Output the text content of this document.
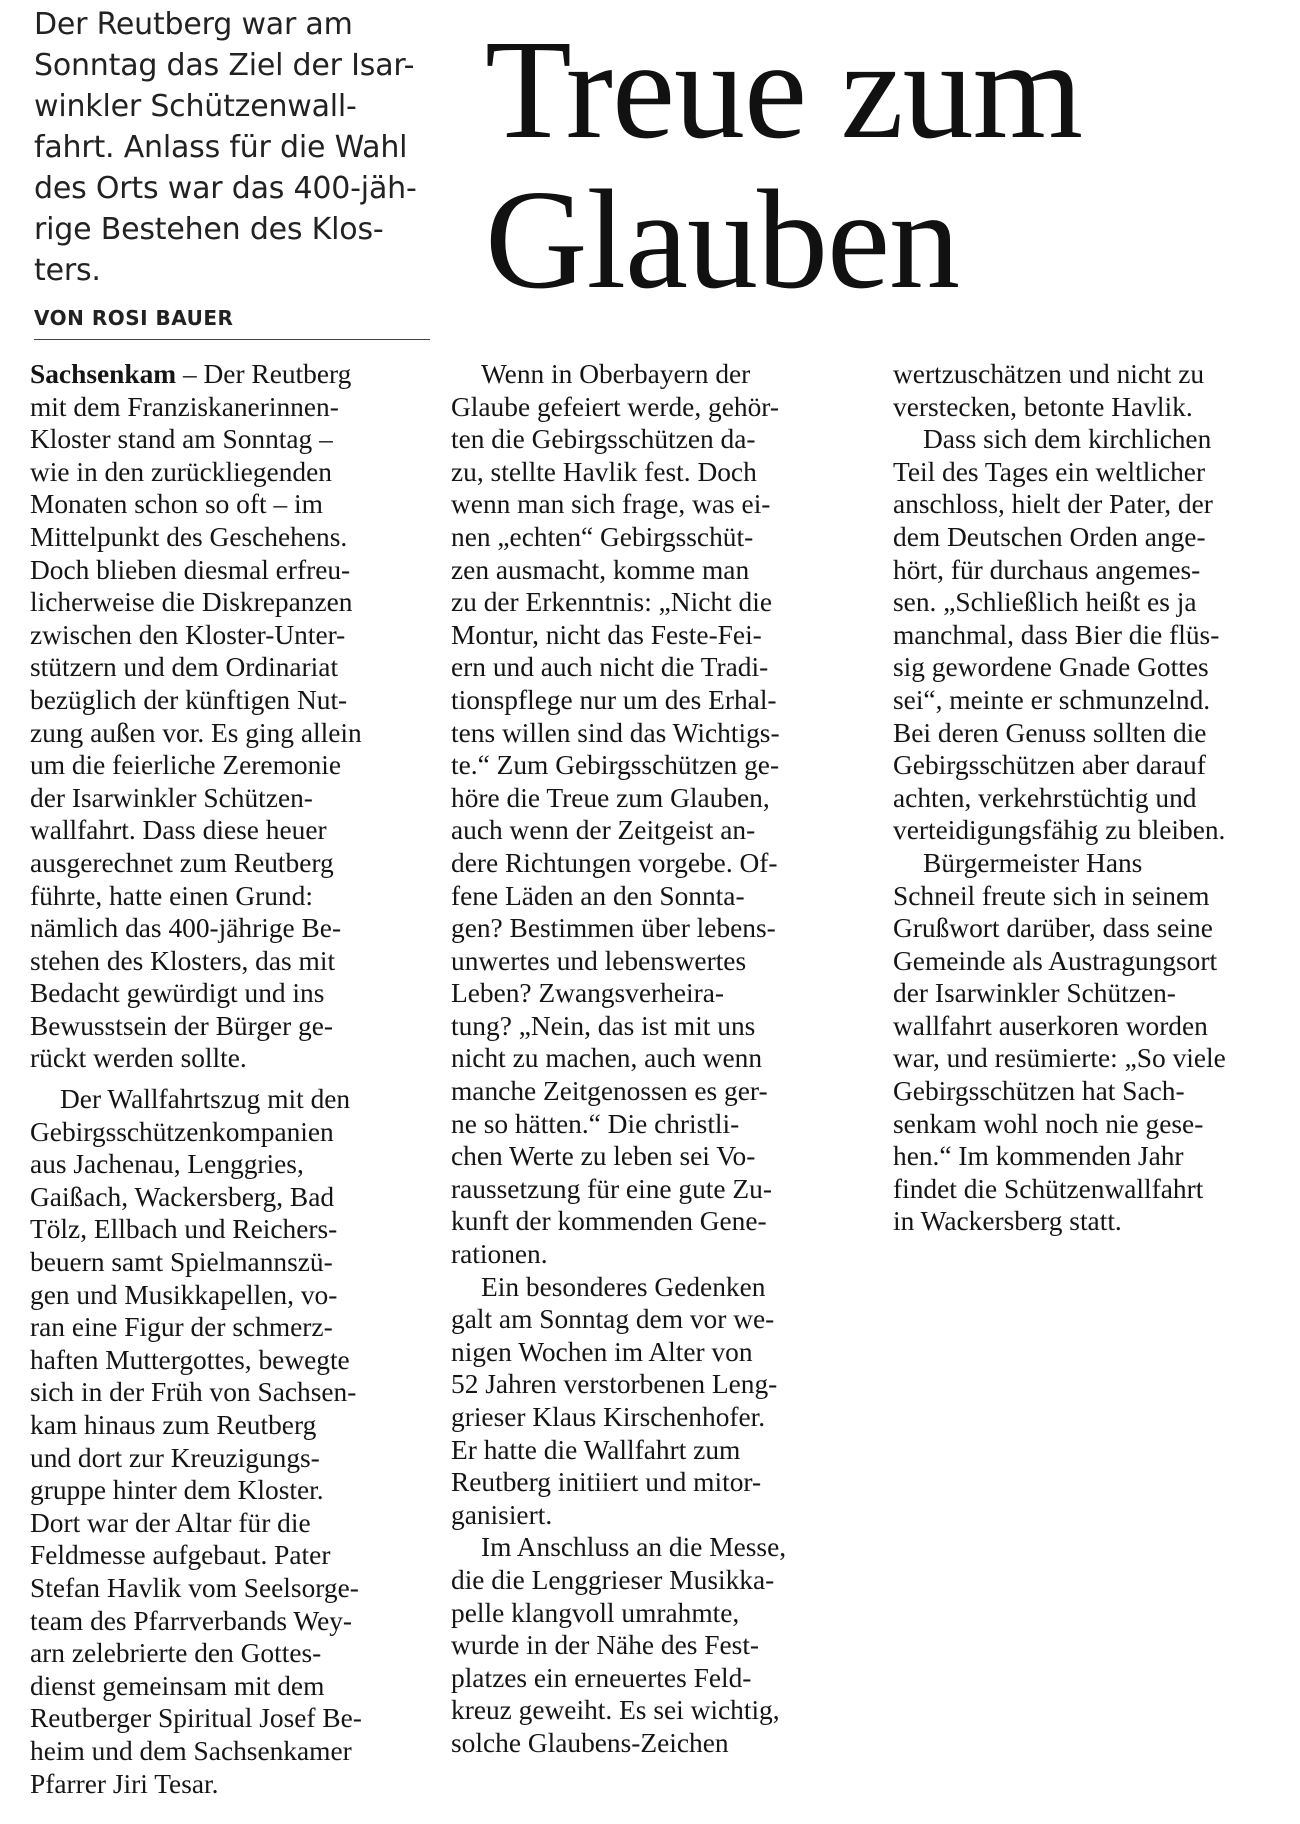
Der Reutberg war am
Sonntag das Ziel der Isar-
winkler Schützenwall-
fahrt. Anlass für die Wahl
des Orts war das 400-jäh-
rige Bestehen des Klos-
ters.
Treue zum
Glauben
VON ROSI BAUER

Sachsenkam – Der Reutberg
mit dem Franziskanerinnen-
Kloster stand am Sonntag –
wie in den zurückliegenden
Monaten schon so oft – im
Mittelpunkt des Geschehens.
Doch blieben diesmal erfreu-
licherweise die Diskrepanzen
zwischen den Kloster-Unter-
stützern und dem Ordinariat
bezüglich der künftigen Nut-
zung außen vor. Es ging allein
um die feierliche Zeremonie
der Isarwinkler Schützen-
wallfahrt. Dass diese heuer
ausgerechnet zum Reutberg
führte, hatte einen Grund:
nämlich das 400-jährige Be-
stehen des Klosters, das mit
Bedacht gewürdigt und ins
Bewusstsein der Bürger ge-
rückt werden sollte.

Der Wallfahrtszug mit den
Gebirgsschützenkompanien
aus Jachenau, Lenggries,
Gaißach, Wackersberg, Bad
Tölz, Ellbach und Reichers-
beuern samt Spielmannszü-
gen und Musikkapellen, vo-
ran eine Figur der schmerz-
haften Muttergottes, bewegte
sich in der Früh von Sachsen-
kam hinaus zum Reutberg
und dort zur Kreuzigungs-
gruppe hinter dem Kloster.
Dort war der Altar für die
Feldmesse aufgebaut. Pater
Stefan Havlik vom Seelsorge-
team des Pfarrverbands Wey-
arn zelebrierte den Gottes-
dienst gemeinsam mit dem
Reutberger Spiritual Josef Be-
heim und dem Sachsenkamer
Pfarrer Jiri Tesar.

Wenn in Oberbayern der
Glaube gefeiert werde, gehör-
ten die Gebirgsschützen da-
zu, stellte Havlik fest. Doch
wenn man sich frage, was ei-
nen „echten“ Gebirgsschüt-
zen ausmacht, komme man
zu der Erkenntnis: „Nicht die
Montur, nicht das Feste-Fei-
ern und auch nicht die Tradi-
tionspflege nur um des Erhal-
tens willen sind das Wichtigs-
te.“ Zum Gebirgsschützen ge-
höre die Treue zum Glauben,
auch wenn der Zeitgeist an-
dere Richtungen vorgebe. Of-
fene Läden an den Sonnta-
gen? Bestimmen über lebens-
unwertes und lebenswertes
Leben? Zwangsverheira-
tung? „Nein, das ist mit uns
nicht zu machen, auch wenn
manche Zeitgenossen es ger-
ne so hätten.“ Die christli-
chen Werte zu leben sei Vo-
raussetzung für eine gute Zu-
kunft der kommenden Gene-
rationen.

Ein besonderes Gedenken
galt am Sonntag dem vor we-
nigen Wochen im Alter von
52 Jahren verstorbenen Leng-
grieser Klaus Kirschenhofer.
Er hatte die Wallfahrt zum
Reutberg initiiert und mitor-
ganisiert.

Im Anschluss an die Messe,
die die Lenggrieser Musikka-
pelle klangvoll umrahmte,
wurde in der Nähe des Fest-
platzes ein erneuertes Feld-
kreuz geweiht. Es sei wichtig,
solche Glaubens-Zeichen

wertzuschätzen und nicht zu
verstecken, betonte Havlik.

Dass sich dem kirchlichen
Teil des Tages ein weltlicher
anschloss, hielt der Pater, der
dem Deutschen Orden ange-
hört, für durchaus angemes-
sen. „Schließlich heißt es ja
manchmal, dass Bier die flüs-
sig gewordene Gnade Gottes
sei“, meinte er schmunzelnd.
Bei deren Genuss sollten die
Gebirgsschützen aber darauf
achten, verkehrstüchtig und
verteidigungsfähig zu bleiben.

Bürgermeister Hans
Schneil freute sich in seinem
Grußwort darüber, dass seine
Gemeinde als Austragungsort
der Isarwinkler Schützen-
wallfahrt auserkoren worden
war, und resümierte: „So viele
Gebirgsschützen hat Sach-
senkam wohl noch nie gese-
hen.“ Im kommenden Jahr
findet die Schützenwallfahrt
in Wackersberg statt.
